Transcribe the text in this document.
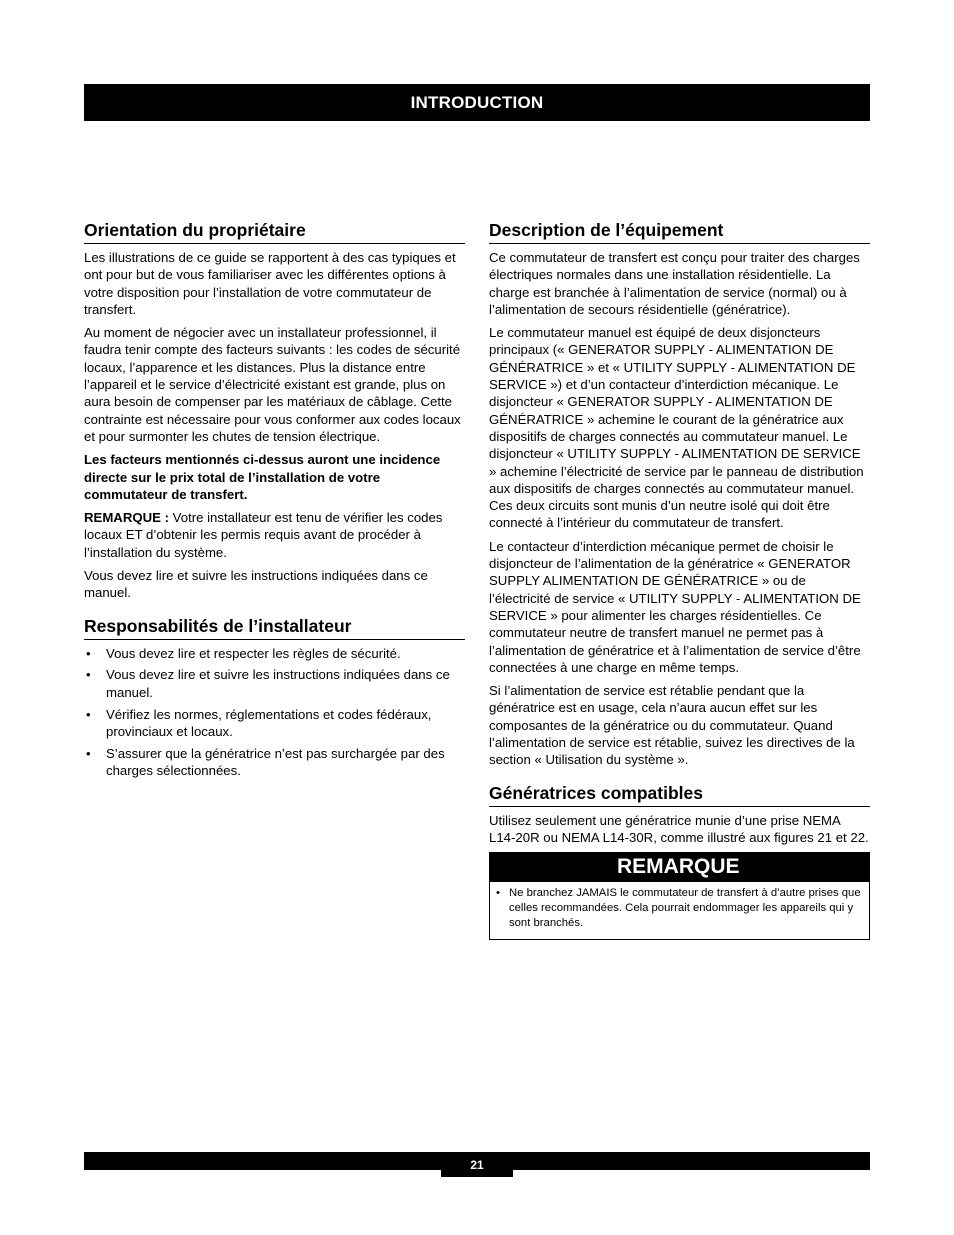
INTRODUCTION
Orientation du propriétaire

Les illustrations de ce guide se rapportent à des cas typiques et ont pour but de vous familiariser avec les différentes options à votre disposition pour l’installation de votre commutateur de transfert.

Au moment de négocier avec un installateur professionnel, il faudra tenir compte des facteurs suivants : les codes de sécurité locaux, l’apparence et les distances. Plus la distance entre l’appareil et le service d’électricité existant est grande, plus on aura besoin de compenser par les matériaux de câblage. Cette contrainte est nécessaire pour vous conformer aux codes locaux et pour surmonter les chutes de tension électrique.

Les facteurs mentionnés ci-dessus auront une incidence directe sur le prix total de l’installation de votre commutateur de transfert.

REMARQUE : Votre installateur est tenu de vérifier les codes locaux ET d’obtenir les permis requis avant de procéder à l’installation du système.

Vous devez lire et suivre les instructions indiquées dans ce manuel.

Responsabilités de l’installateur
• Vous devez lire et respecter les règles de sécurité.
• Vous devez lire et suivre les instructions indiquées dans ce manuel.
• Vérifiez les normes, réglementations et codes fédéraux, provinciaux et locaux.
• S’assurer que la génératrice n’est pas surchargée par des charges sélectionnées.
Description de l’équipement

Ce commutateur de transfert est conçu pour traiter des charges électriques normales dans une installation résidentielle. La charge est branchée à l’alimentation de service (normal) ou à l’alimentation de secours résidentielle (génératrice).

Le commutateur manuel est équipé de deux disjoncteurs principaux (« GENERATOR SUPPLY - ALIMENTATION DE GÉNÉRATRICE » et « UTILITY SUPPLY - ALIMENTATION DE SERVICE ») et d’un contacteur d’interdiction mécanique. Le disjoncteur « GENERATOR SUPPLY - ALIMENTATION DE GÉNÉRATRICE » achemine le courant de la génératrice aux dispositifs de charges connectés au commutateur manuel. Le disjoncteur « UTILITY SUPPLY - ALIMENTATION DE SERVICE » achemine l’électricité de service par le panneau de distribution aux dispositifs de charges connectés au commutateur manuel. Ces deux circuits sont munis d’un neutre isolé qui doit être connecté à l’intérieur du commutateur de transfert.

Le contacteur d’interdiction mécanique permet de choisir le disjoncteur de l’alimentation de la génératrice « GENERATOR SUPPLY ALIMENTATION DE GÉNÉRATRICE » ou de l’électricité de service « UTILITY SUPPLY - ALIMENTATION DE SERVICE » pour alimenter les charges résidentielles. Ce commutateur neutre de transfert manuel ne permet pas à l’alimentation de génératrice et à l’alimentation de service d’être connectées à une charge en même temps.

Si l’alimentation de service est rétablie pendant que la génératrice est en usage, cela n’aura aucun effet sur les composantes de la génératrice ou du commutateur. Quand l’alimentation de service est rétablie, suivez les directives de la section « Utilisation du système ».

Génératrices compatibles

Utilisez seulement une génératrice munie d’une prise NEMA L14-20R ou NEMA L14-30R, comme illustré aux figures 21 et 22.

REMARQUE
• Ne branchez JAMAIS le commutateur de transfert à d’autre prises que celles recommandées. Cela pourrait endommager les appareils qui y sont branchés.
21
